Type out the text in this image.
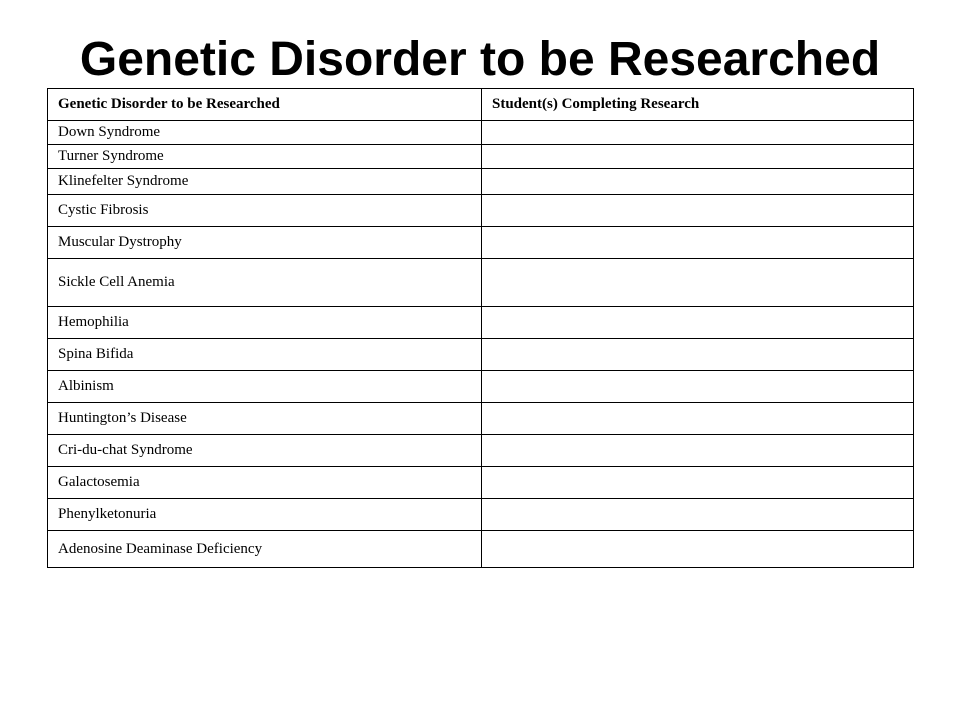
Genetic Disorder to be Researched
Genetic Disorder to be Researched	Student(s) Completing Research
Down Syndrome	
Turner Syndrome	
Klinefelter Syndrome	
Cystic Fibrosis	
Muscular Dystrophy	
Sickle Cell Anemia	
Hemophilia	
Spina Bifida	
Albinism	
Huntington’s Disease	
Cri-du-chat Syndrome	
Galactosemia	
Phenylketonuria	
Adenosine Deaminase Deficiency	
